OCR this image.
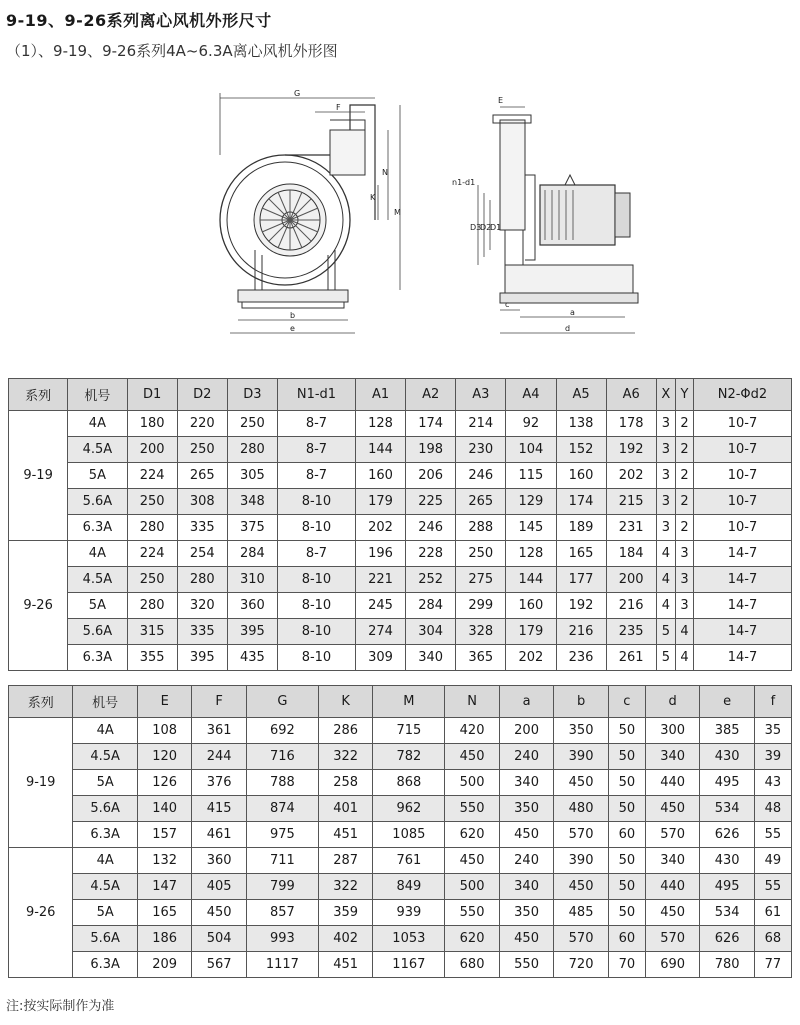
9-19、9-26系列离心风机外形尺寸
（1）、9-19、9-26系列4A~6.3A离心风机外形图
G
F
K
N
M
b
e
E
n1-d1
D3
D2
D1
c
a
d
系列	机号	D1	D2	D3	N1-d1	A1	A2	A3	A4	A5	A6	X	Y	N2-Φd2
9-19	4A	180	220	250	8-7	128	174	214	92	138	178	3	2	10-7
	4.5A	200	250	280	8-7	144	198	230	104	152	192	3	2	10-7
	5A	224	265	305	8-7	160	206	246	115	160	202	3	2	10-7
	5.6A	250	308	348	8-10	179	225	265	129	174	215	3	2	10-7
	6.3A	280	335	375	8-10	202	246	288	145	189	231	3	2	10-7
9-26	4A	224	254	284	8-7	196	228	250	128	165	184	4	3	14-7
	4.5A	250	280	310	8-10	221	252	275	144	177	200	4	3	14-7
	5A	280	320	360	8-10	245	284	299	160	192	216	4	3	14-7
	5.6A	315	335	395	8-10	274	304	328	179	216	235	5	4	14-7
	6.3A	355	395	435	8-10	309	340	365	202	236	261	5	4	14-7
系列	机号	E	F	G	K	M	N	a	b	c	d	e	f
9-19	4A	108	361	692	286	715	420	200	350	50	300	385	35
	4.5A	120	244	716	322	782	450	240	390	50	340	430	39
	5A	126	376	788	258	868	500	340	450	50	440	495	43
	5.6A	140	415	874	401	962	550	350	480	50	450	534	48
	6.3A	157	461	975	451	1085	620	450	570	60	570	626	55
9-26	4A	132	360	711	287	761	450	240	390	50	340	430	49
	4.5A	147	405	799	322	849	500	340	450	50	440	495	55
	5A	165	450	857	359	939	550	350	485	50	450	534	61
	5.6A	186	504	993	402	1053	620	450	570	60	570	626	68
	6.3A	209	567	1117	451	1167	680	550	720	70	690	780	77
注:按实际制作为准
